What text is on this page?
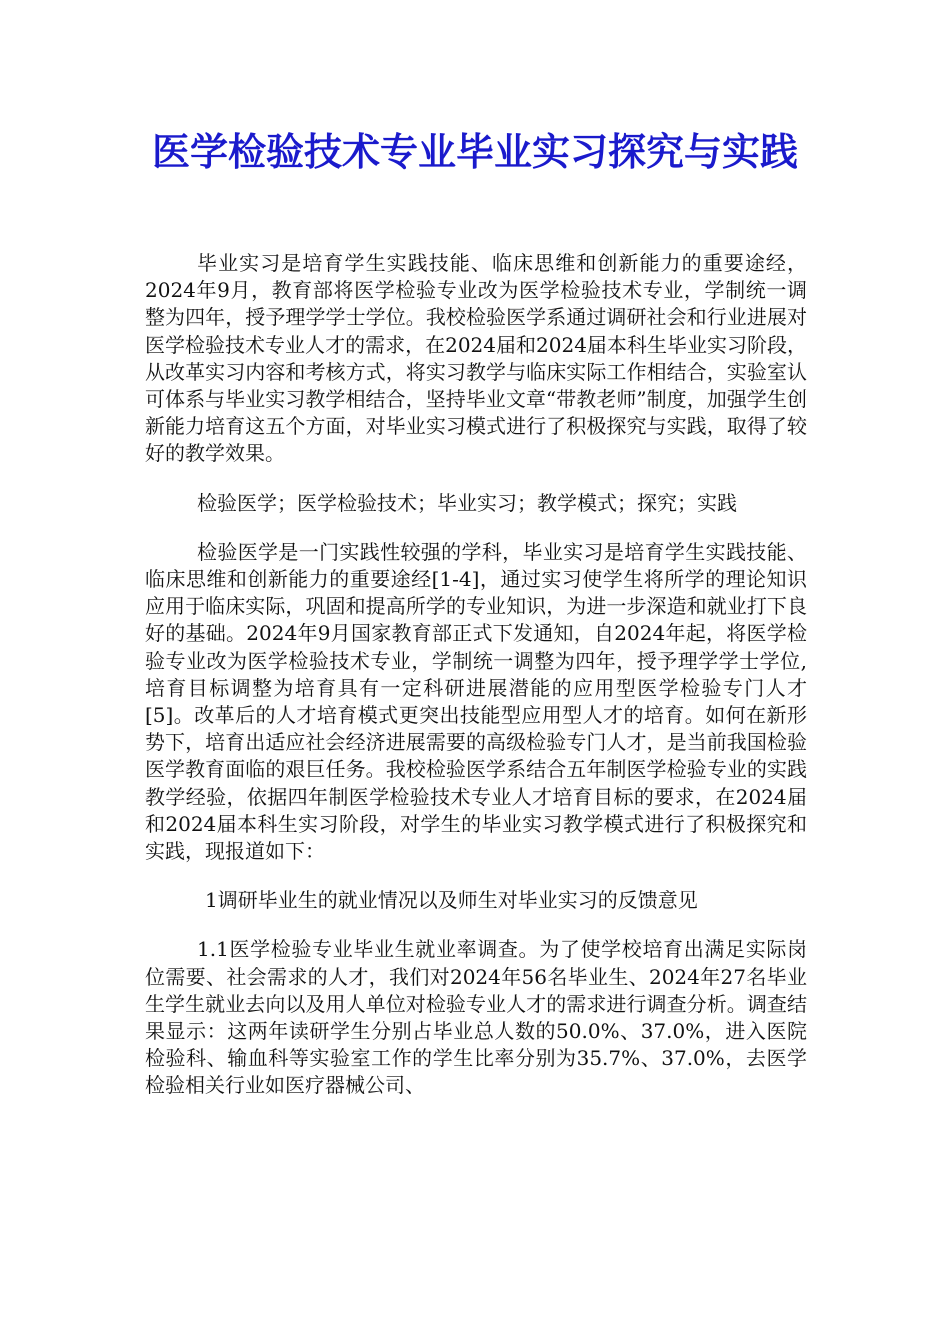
医学检验技术专业毕业实习探究与实践

毕业实习是培育学生实践技能、临床思维和创新能力的重要途经，2024年9月，教育部将医学检验专业改为医学检验技术专业，学制统一调整为四年，授予理学学士学位。我校检验医学系通过调研社会和行业进展对医学检验技术专业人才的需求，在2024届和2024届本科生毕业实习阶段，从改革实习内容和考核方式，将实习教学与临床实际工作相结合，实验室认可体系与毕业实习教学相结合，坚持毕业文章“带教老师”制度，加强学生创新能力培育这五个方面，对毕业实习模式进行了积极探究与实践，取得了较好的教学效果。

检验医学；医学检验技术；毕业实习；教学模式；探究；实践

检验医学是一门实践性较强的学科，毕业实习是培育学生实践技能、临床思维和创新能力的重要途经[1-4]，通过实习使学生将所学的理论知识应用于临床实际，巩固和提高所学的专业知识，为进一步深造和就业打下良好的基础。2024年9月国家教育部正式下发通知，自2024年起，将医学检验专业改为医学检验技术专业，学制统一调整为四年，授予理学学士学位,培育目标调整为培育具有一定科研进展潜能的应用型医学检验专门人才[5]。改革后的人才培育模式更突出技能型应用型人才的培育。如何在新形势下，培育出适应社会经济进展需要的高级检验专门人才，是当前我国检验医学教育面临的艰巨任务。我校检验医学系结合五年制医学检验专业的实践教学经验，依据四年制医学检验技术专业人才培育目标的要求，在2024届和2024届本科生实习阶段，对学生的毕业实习教学模式进行了积极探究和实践，现报道如下：

1调研毕业生的就业情况以及师生对毕业实习的反馈意见

1.1医学检验专业毕业生就业率调查。为了使学校培育出满足实际岗位需要、社会需求的人才，我们对2024年56名毕业生、2024年27名毕业生学生就业去向以及用人单位对检验专业人才的需求进行调查分析。调查结果显示：这两年读研学生分别占毕业总人数的50.0%、37.0%，进入医院检验科、输血科等实验室工作的学生比率分别为35.7%、37.0%，去医学检验相关行业如医疗器械公司、
